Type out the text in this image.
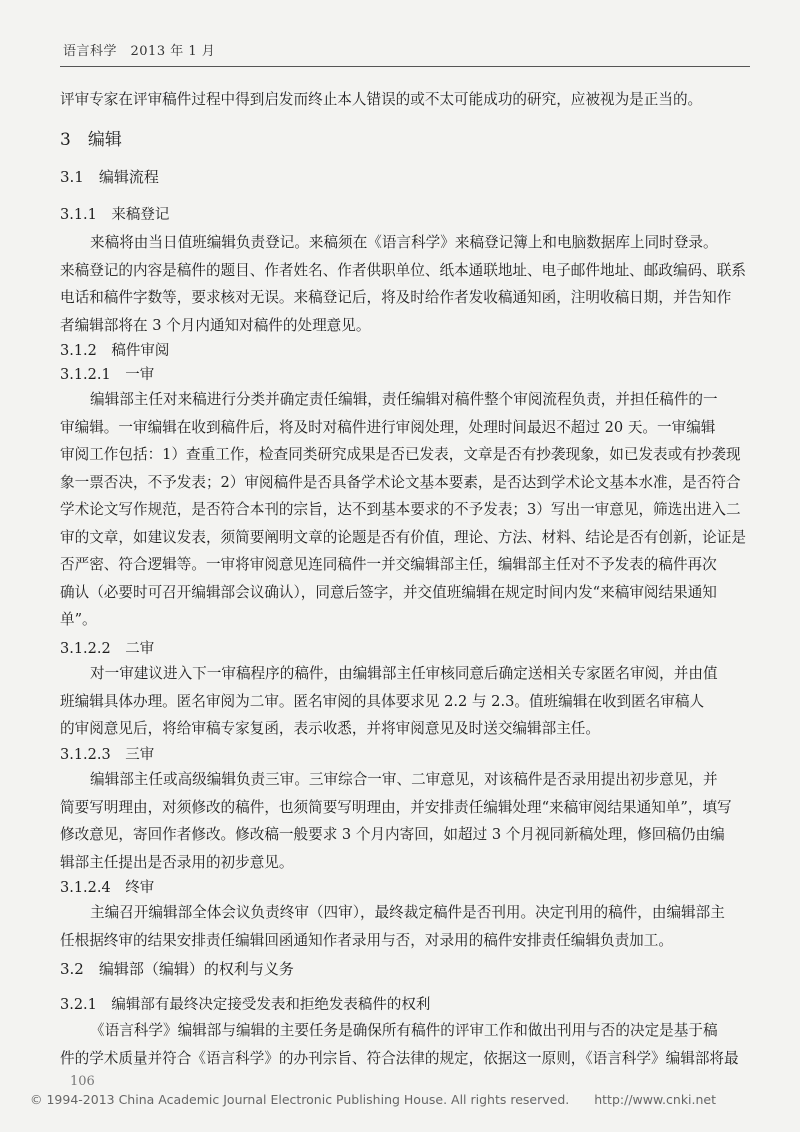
语言科学　2013 年 1 月
评审专家在评审稿件过程中得到启发而终止本人错误的或不太可能成功的研究，应被视为是正当的。
3　编辑
3.1　编辑流程
3.1.1　来稿登记
来稿将由当日值班编辑负责登记。来稿须在《语言科学》来稿登记簿上和电脑数据库上同时登录。
来稿登记的内容是稿件的题目、作者姓名、作者供职单位、纸本通联地址、电子邮件地址、邮政编码、联系
电话和稿件字数等，要求核对无误。来稿登记后，将及时给作者发收稿通知函，注明收稿日期，并告知作
者编辑部将在 3 个月内通知对稿件的处理意见。
3.1.2　稿件审阅
3.1.2.1　一审
编辑部主任对来稿进行分类并确定责任编辑，责任编辑对稿件整个审阅流程负责，并担任稿件的一
审编辑。一审编辑在收到稿件后，将及时对稿件进行审阅处理，处理时间最迟不超过 20 天。一审编辑
审阅工作包括：1）查重工作，检查同类研究成果是否已发表，文章是否有抄袭现象，如已发表或有抄袭现
象一票否决，不予发表；2）审阅稿件是否具备学术论文基本要素，是否达到学术论文基本水准，是否符合
学术论文写作规范，是否符合本刊的宗旨，达不到基本要求的不予发表；3）写出一审意见，筛选出进入二
审的文章，如建议发表，须简要阐明文章的论题是否有价值，理论、方法、材料、结论是否有创新，论证是
否严密、符合逻辑等。一审将审阅意见连同稿件一并交编辑部主任，编辑部主任对不予发表的稿件再次
确认（必要时可召开编辑部会议确认），同意后签字，并交值班编辑在规定时间内发“来稿审阅结果通知
单”。
3.1.2.2　二审
对一审建议进入下一审稿程序的稿件，由编辑部主任审核同意后确定送相关专家匿名审阅，并由值
班编辑具体办理。匿名审阅为二审。匿名审阅的具体要求见 2.2 与 2.3。值班编辑在收到匿名审稿人
的审阅意见后，将给审稿专家复函，表示收悉，并将审阅意见及时送交编辑部主任。
3.1.2.3　三审
编辑部主任或高级编辑负责三审。三审综合一审、二审意见，对该稿件是否录用提出初步意见，并
简要写明理由，对须修改的稿件，也须简要写明理由，并安排责任编辑处理“来稿审阅结果通知单”，填写
修改意见，寄回作者修改。修改稿一般要求 3 个月内寄回，如超过 3 个月视同新稿处理，修回稿仍由编
辑部主任提出是否录用的初步意见。
3.1.2.4　终审
主编召开编辑部全体会议负责终审（四审），最终裁定稿件是否刊用。决定刊用的稿件，由编辑部主
任根据终审的结果安排责任编辑回函通知作者录用与否，对录用的稿件安排责任编辑负责加工。
3.2　编辑部（编辑）的权利与义务
3.2.1　编辑部有最终决定接受发表和拒绝发表稿件的权利
《语言科学》编辑部与编辑的主要任务是确保所有稿件的评审工作和做出刊用与否的决定是基于稿
件的学术质量并符合《语言科学》的办刊宗旨、符合法律的规定，依据这一原则，《语言科学》编辑部将最
106
© 1994-2013 China Academic Journal Electronic Publishing House. All rights reserved.　　http://www.cnki.net
